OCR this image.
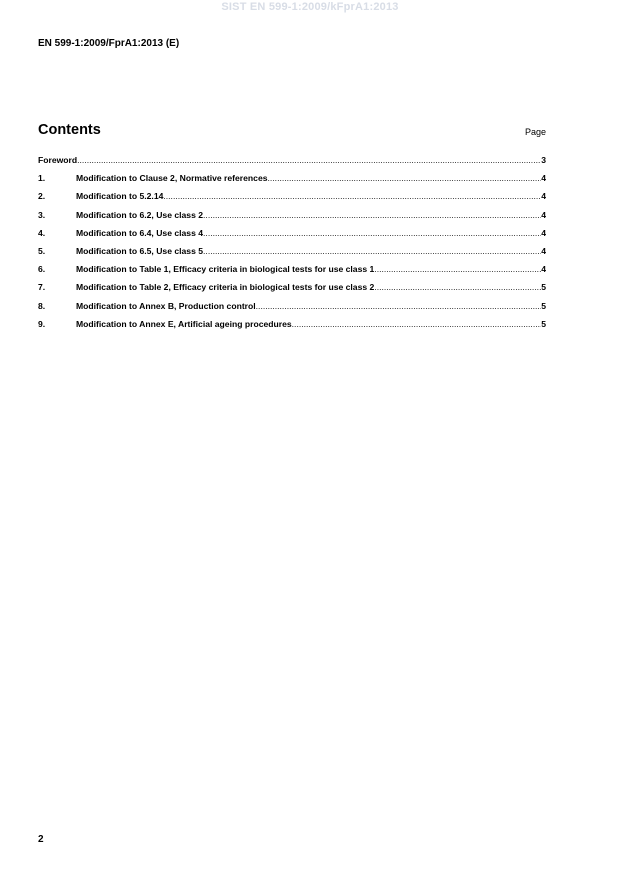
SIST EN 599-1:2009/kFprA1:2013
EN 599-1:2009/FprA1:2013 (E)
Contents	Page
Foreword .....	3
1.	Modification to Clause 2, Normative references .....	4
2.	Modification to 5.2.14 .....	4
3.	Modification to 6.2, Use class 2 .....	4
4.	Modification to 6.4, Use class 4 .....	4
5.	Modification to 6.5, Use class 5 .....	4
6.	Modification to Table 1, Efficacy criteria in biological tests for use class 1 .....	4
7.	Modification to Table 2, Efficacy criteria in biological tests for use class 2 .....	5
8.	Modification to Annex B, Production control .....	5
9.	Modification to Annex E, Artificial ageing procedures .....	5
2
